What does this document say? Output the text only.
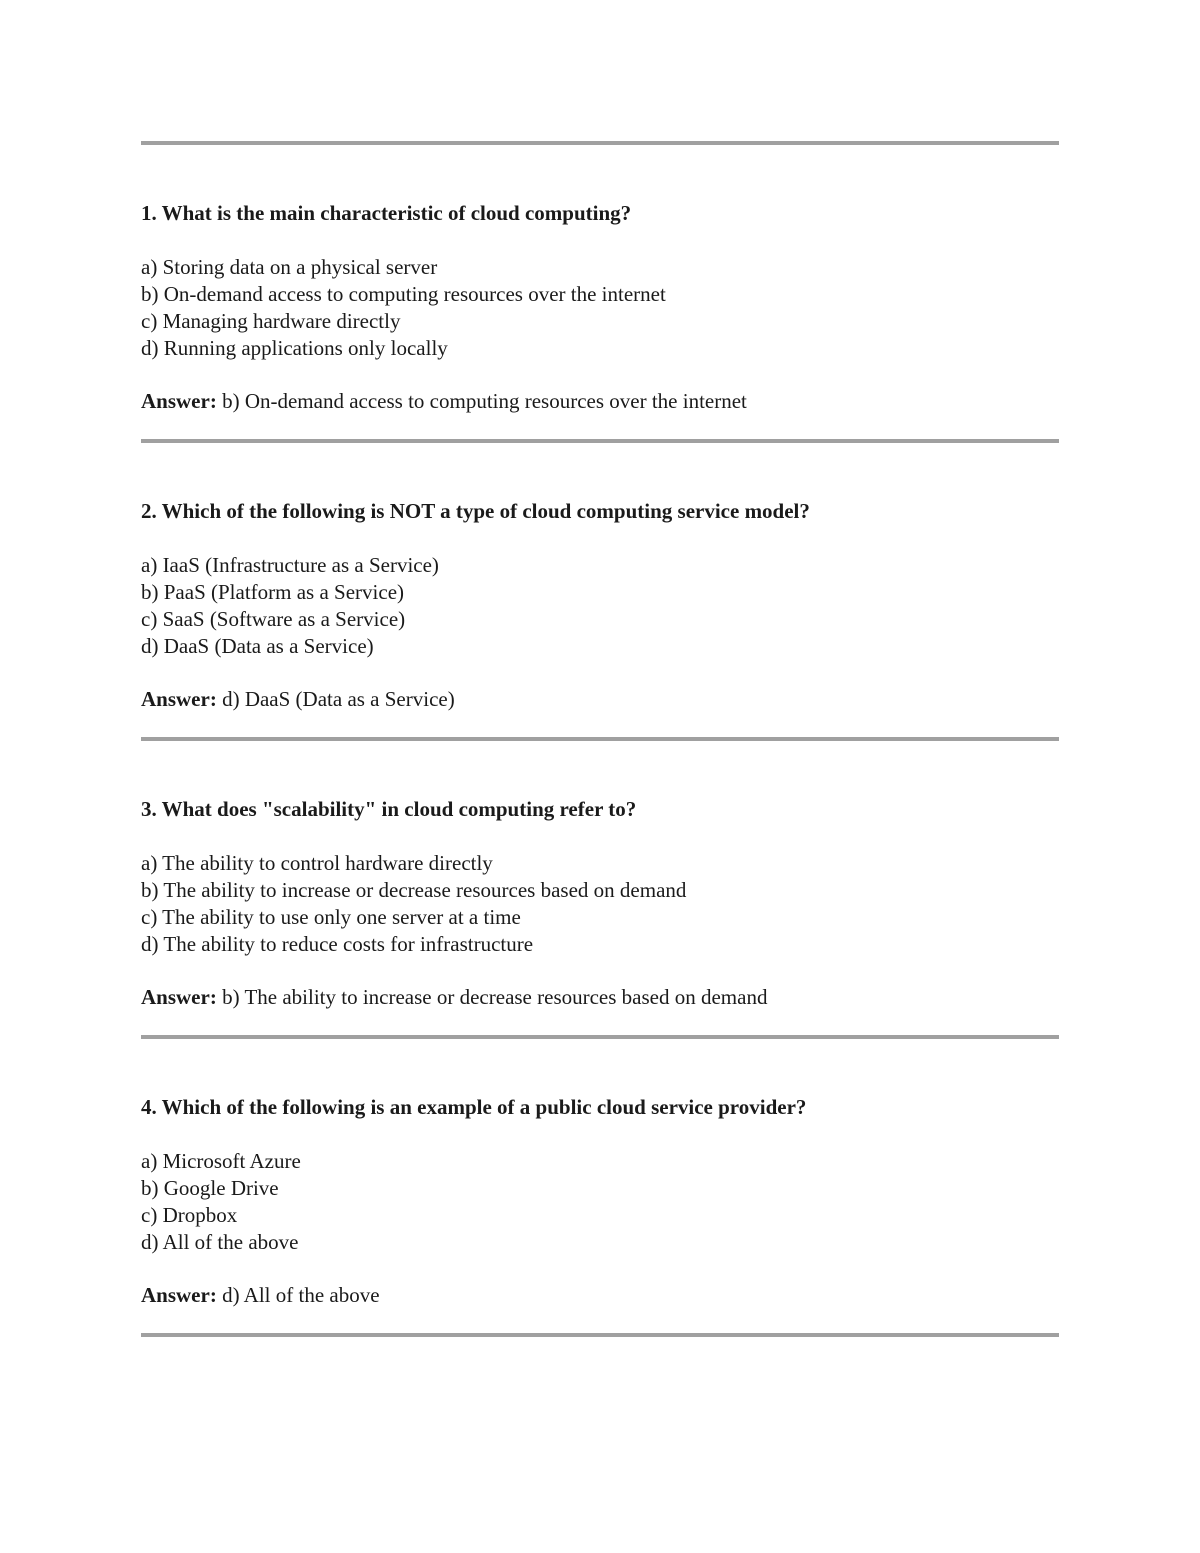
1. What is the main characteristic of cloud computing?
a) Storing data on a physical server
b) On-demand access to computing resources over the internet
c) Managing hardware directly
d) Running applications only locally
Answer: b) On-demand access to computing resources over the internet
2. Which of the following is NOT a type of cloud computing service model?
a) IaaS (Infrastructure as a Service)
b) PaaS (Platform as a Service)
c) SaaS (Software as a Service)
d) DaaS (Data as a Service)
Answer: d) DaaS (Data as a Service)
3. What does "scalability" in cloud computing refer to?
a) The ability to control hardware directly
b) The ability to increase or decrease resources based on demand
c) The ability to use only one server at a time
d) The ability to reduce costs for infrastructure
Answer: b) The ability to increase or decrease resources based on demand
4. Which of the following is an example of a public cloud service provider?
a) Microsoft Azure
b) Google Drive
c) Dropbox
d) All of the above
Answer: d) All of the above
